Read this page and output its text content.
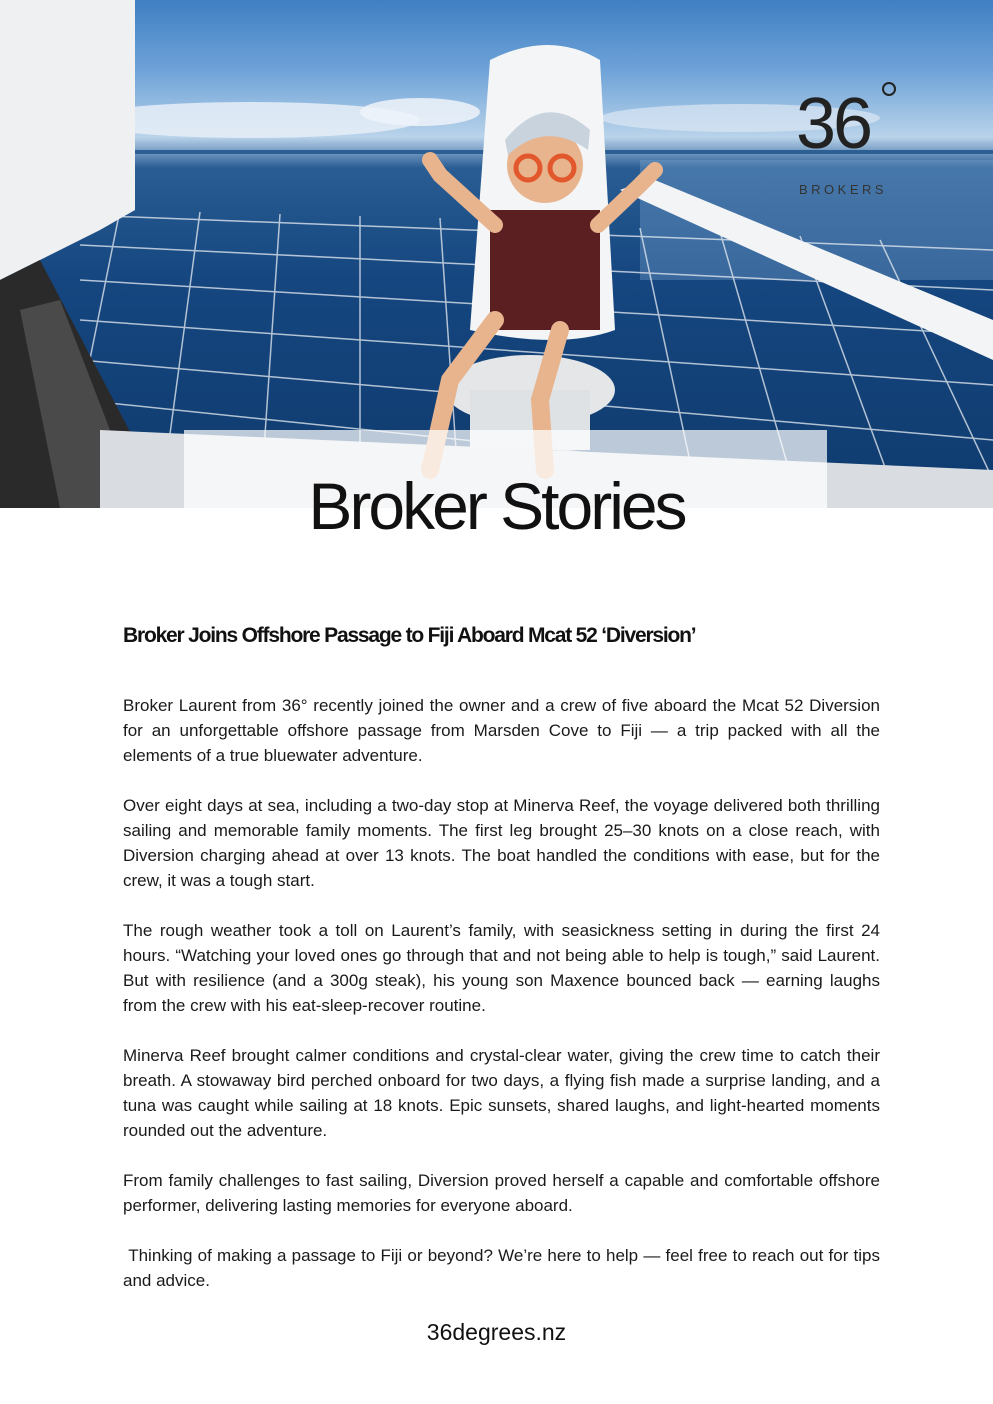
36
BROKERS
Broker Stories
Broker Joins Offshore Passage to Fiji Aboard Mcat 52 ‘Diversion’

Broker Laurent from 36° recently joined the owner and a crew of five aboard the Mcat 52 Diversion for an unforgettable offshore passage from Marsden Cove to Fiji — a trip packed with all the elements of a true bluewater adventure.

Over eight days at sea, including a two-day stop at Minerva Reef, the voyage delivered both thrilling sailing and memorable family moments. The first leg brought 25–30 knots on a close reach, with Diversion charging ahead at over 13 knots. The boat handled the conditions with ease, but for the crew, it was a tough start.

The rough weather took a toll on Laurent’s family, with seasickness setting in during the first 24 hours. “Watching your loved ones go through that and not being able to help is tough,” said Laurent. But with resilience (and a 300g steak), his young son Maxence bounced back — earning laughs from the crew with his eat-sleep-recover routine.

Minerva Reef brought calmer conditions and crystal-clear water, giving the crew time to catch their breath. A stowaway bird perched onboard for two days, a flying fish made a surprise landing, and a tuna was caught while sailing at 18 knots. Epic sunsets, shared laughs, and light-hearted moments rounded out the adventure.

From family challenges to fast sailing, Diversion proved herself a capable and comfortable offshore performer, delivering lasting memories for everyone aboard.

Thinking of making a passage to Fiji or beyond? We’re here to help — feel free to reach out for tips and advice.

36degrees.nz
